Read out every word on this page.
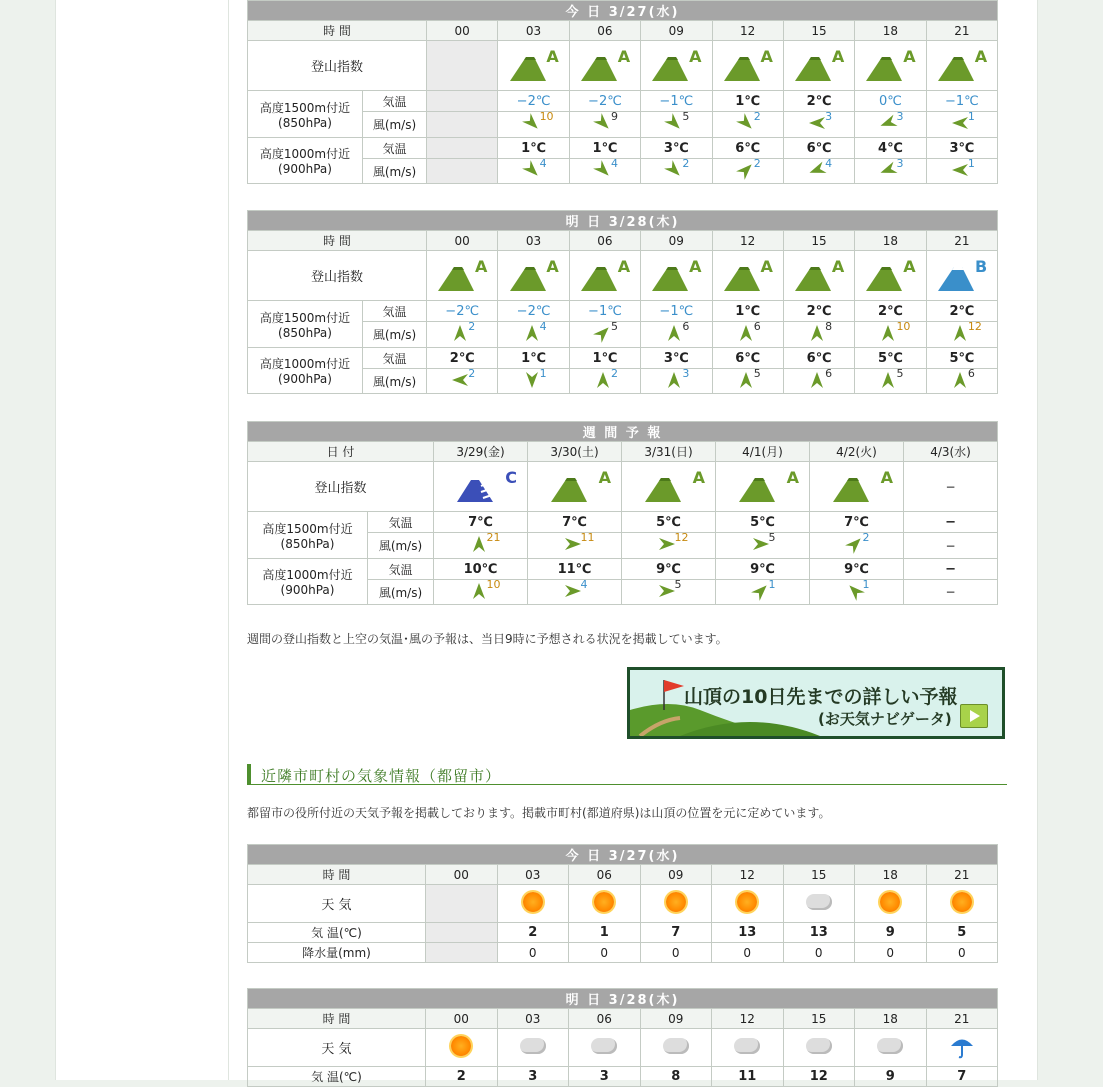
今 日 3/27(水)									
時 間		00	03	06	09	12	15	18	21
登山指数			A	A	A	A	A	A	A

高度1500m付近
(850hPa)	気温		−2℃	−2℃	−1℃	1℃	2℃	0℃	−1℃
	風(m/s)		10	9	5	2	3	3	1

高度1000m付近
(900hPa)	気温		1℃	1℃	3℃	6℃	6℃	4℃	3℃
	風(m/s)		4	4	2	2	4	3	1
明 日 3/28(木)									
時 間		00	03	06	09	12	15	18	21
登山指数		A	A	A	A	A	A	A	B

高度1500m付近
(850hPa)	気温	−2℃	−2℃	−1℃	−1℃	1℃	2℃	2℃	2℃
	風(m/s)	2	4	5	6	6	8	10	12

高度1000m付近
(900hPa)	気温	2℃	1℃	1℃	3℃	6℃	6℃	5℃	5℃
	風(m/s)	2	1	2	3	5	6	5	6
週 間 予 報							
日 付		3/29(金)	3/30(土)	3/31(日)	4/1(月)	4/2(火)	4/3(水)
登山指数		C	A	A	A	A	−
高度1500m付近
(850hPa)	気温	7℃	7℃	5℃	5℃	7℃	−
	風(m/s)	21	11	12	5	2	−
高度1000m付近
(900hPa)	気温	10℃	11℃	9℃	9℃	9℃	−
	風(m/s)	10	4	5	1	1	−
週間の登山指数と上空の気温･風の予報は、当日9時に予想される状況を掲載しています。
山頂の10日先までの詳しい予報
(お天気ナビゲータ)
近隣市町村の気象情報（都留市）
都留市の役所付近の天気予報を掲載しております。掲載市町村(都道府県)は山頂の位置を元に定めています。
今 日 3/27(水)								
時 間	00	03	06	09	12	15	18	21
天 気								
気 温(℃)		2	1	7	13	13	9	5
降水量(mm)		0	0	0	0	0	0	0
明 日 3/28(木)								
時 間	00	03	06	09	12	15	18	21
天 気								
気 温(℃)	2	3	3	8	11	12	9	7
